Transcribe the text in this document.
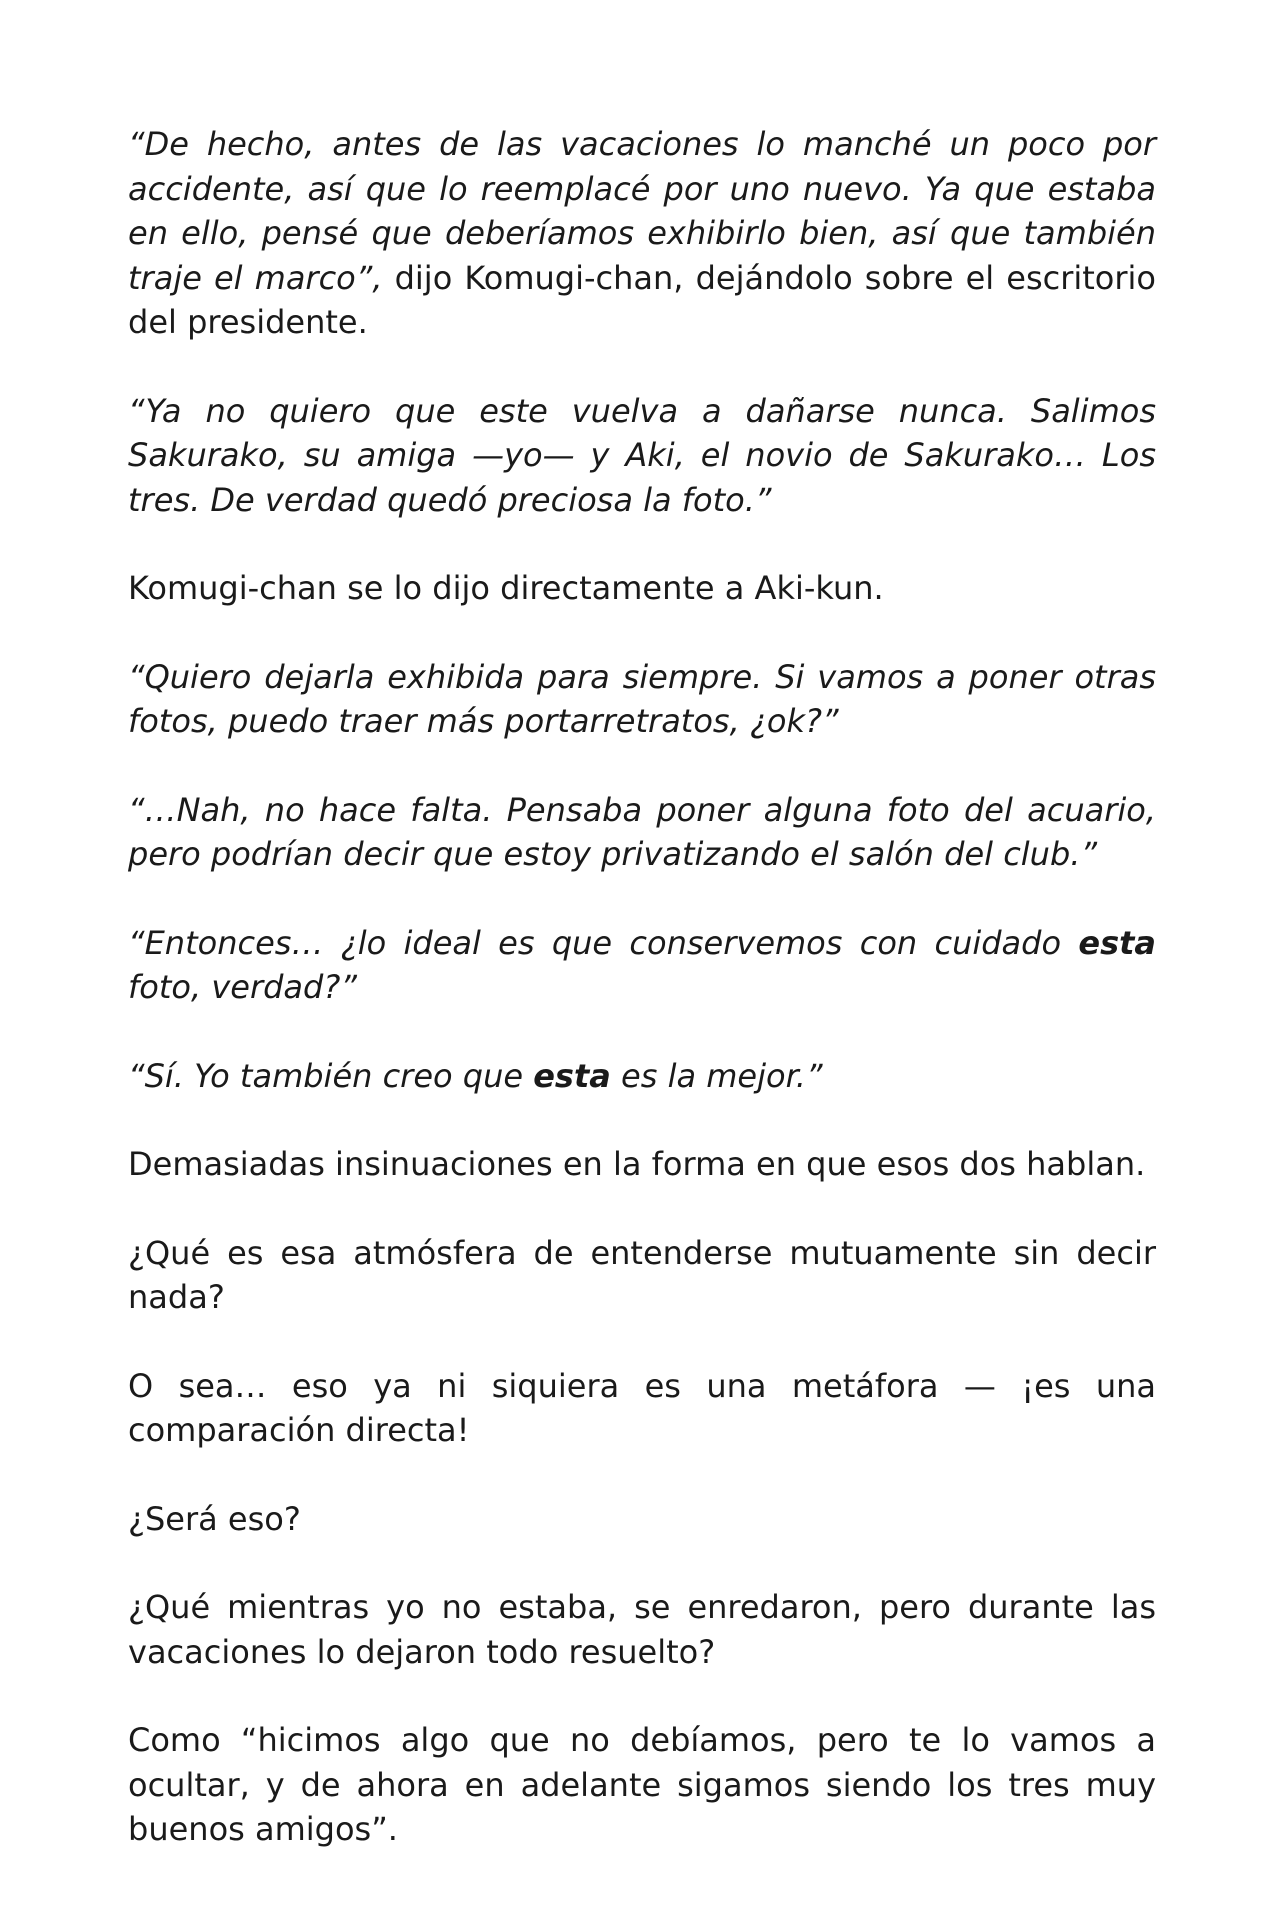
“De hecho, antes de las vacaciones lo manché un poco por accidente, así que lo reemplacé por uno nuevo. Ya que estaba en ello, pensé que deberíamos exhibirlo bien, así que también traje el marco”, dijo Komugi-chan, dejándolo sobre el escritorio del presidente.

“Ya no quiero que este vuelva a dañarse nunca. Salimos Sakurako, su amiga —yo— y Aki, el novio de Sakurako… Los tres. De verdad quedó preciosa la foto.”

Komugi-chan se lo dijo directamente a Aki-kun.

“Quiero dejarla exhibida para siempre. Si vamos a poner otras fotos, puedo traer más portarretratos, ¿ok?”

“…Nah, no hace falta. Pensaba poner alguna foto del acuario, pero podrían decir que estoy privatizando el salón del club.”

“Entonces… ¿lo ideal es que conservemos con cuidado esta foto, verdad?”

“Sí. Yo también creo que esta es la mejor.”

Demasiadas insinuaciones en la forma en que esos dos hablan.

¿Qué es esa atmósfera de entenderse mutuamente sin decir nada?

O sea… eso ya ni siquiera es una metáfora — ¡es una comparación directa!

¿Será eso?

¿Qué mientras yo no estaba, se enredaron, pero durante las vacaciones lo dejaron todo resuelto?

Como “hicimos algo que no debíamos, pero te lo vamos a ocultar, y de ahora en adelante sigamos siendo los tres muy buenos amigos”.
